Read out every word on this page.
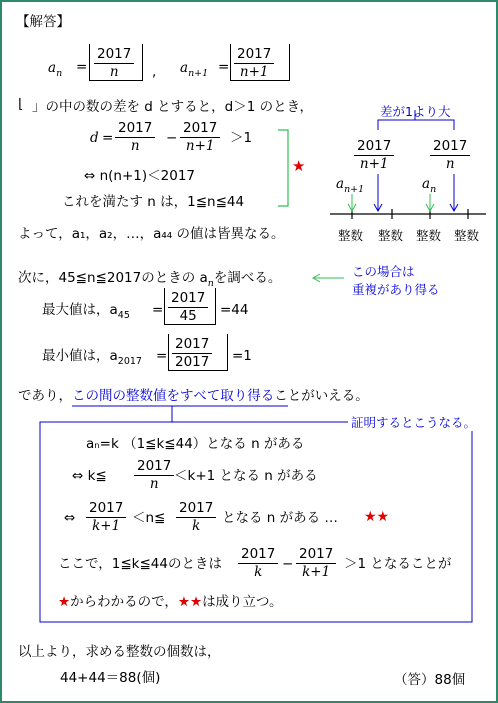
【解答】
$a_n = \frac{2017}{n}$ , $a_{n+1} = \frac{2017}{n+1}$
⌊ 」の中の数の差を d とすると，d＞1 のとき，
$d = \frac{2017}{n} - \frac{2017}{n+1} >1$
⇔ n(n+1)＜2017
これを満たす n は，1≦n≦44
★
差が1より大
$\frac{2017}{n+1}$	$\frac{2017}{n}$
$a_{n+1}$	$a_n$
整数 整数 整数 整数
よって，a₁，a₂，…，a₄₄ の値は皆異なる。
次に，45≦n≦2017のときの $a_n$を調べる。	この場合は
重複があり得る
最大値は，$a_{45} = \frac{2017}{45} =44$
最小値は，$a_{2017} = \frac{2017}{2017} =1$
であり，この間の整数値をすべて取り得ることがいえる。
証明するとこうなる。
aₙ=k （1≦k≦44）となる n がある
⇔ k≦ $\frac{2017}{n} <k+1$ となる n がある
⇔ $\frac{2017}{k+1}$ ＜n≦ $\frac{2017}{k}$ となる n がある … ★★
ここで，1≦k≦44のときは $\frac{2017}{k} - \frac{2017}{k+1} >1$ となることが
★からわかるので，★★は成り立つ。
以上より，求める整数の個数は，
44+44＝88(個)	（答）88個
